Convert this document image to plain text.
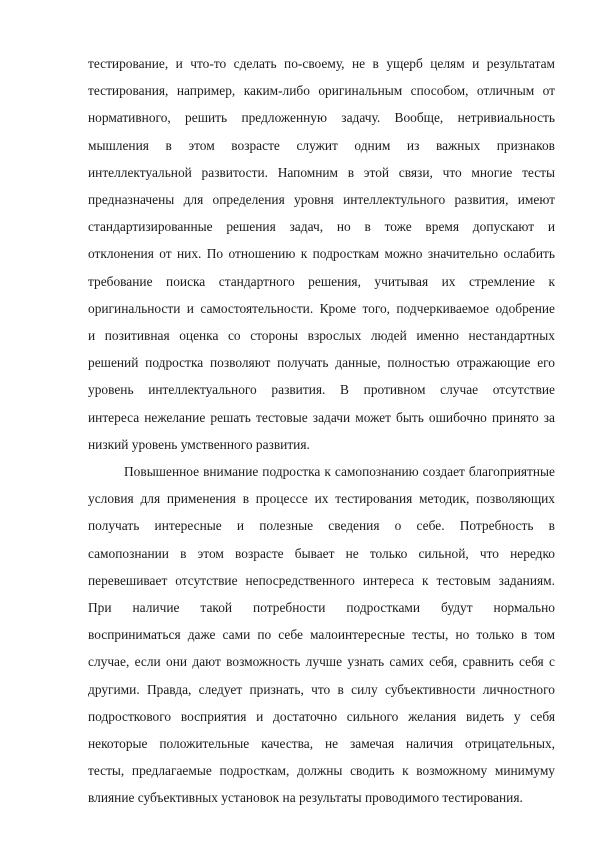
тестирование, и что-то сделать по-своему, не в ущерб целям и результатам
тестирования, например, каким-либо оригинальным способом, отличным от
нормативного, решить предложенную задачу. Вообще, нетривиальность
мышления в этом возрасте служит одним из важных признаков
интеллектуальной развитости. Напомним в этой связи, что многие тесты
предназначены для определения уровня интеллектульного развития, имеют
стандартизированные решения задач, но в тоже время допускают и
отклонения от них. По отношению к подросткам можно значительно ослабить
требование поиска стандартного решения, учитывая их стремление к
оригинальности и самостоятельности. Кроме того, подчеркиваемое одобрение
и позитивная оценка со стороны взрослых людей именно нестандартных
решений подростка позволяют получать данные, полностью отражающие его
уровень интеллектуального развития. В противном случае отсутствие
интереса нежелание решать тестовые задачи может быть ошибочно принято за
низкий уровень умственного развития.
Повышенное внимание подростка к самопознанию создает благоприятные
условия для применения в процессе их тестирования методик, позволяющих
получать интересные и полезные сведения о себе. Потребность в
самопознании в этом возрасте бывает не только сильной, что нередко
перевешивает отсутствие непосредственного интереса к тестовым заданиям.
При наличие такой потребности подростками будут нормально
восприниматься даже сами по себе малоинтересные тесты, но только в том
случае, если они дают возможность лучше узнать самих себя, сравнить себя с
другими. Правда, следует признать, что в силу субъективности личностного
подросткового восприятия и достаточно сильного желания видеть у себя
некоторые положительные качества, не замечая наличия отрицательных,
тесты, предлагаемые подросткам, должны сводить к возможному минимуму
влияние субъективных установок на результаты проводимого тестирования.
